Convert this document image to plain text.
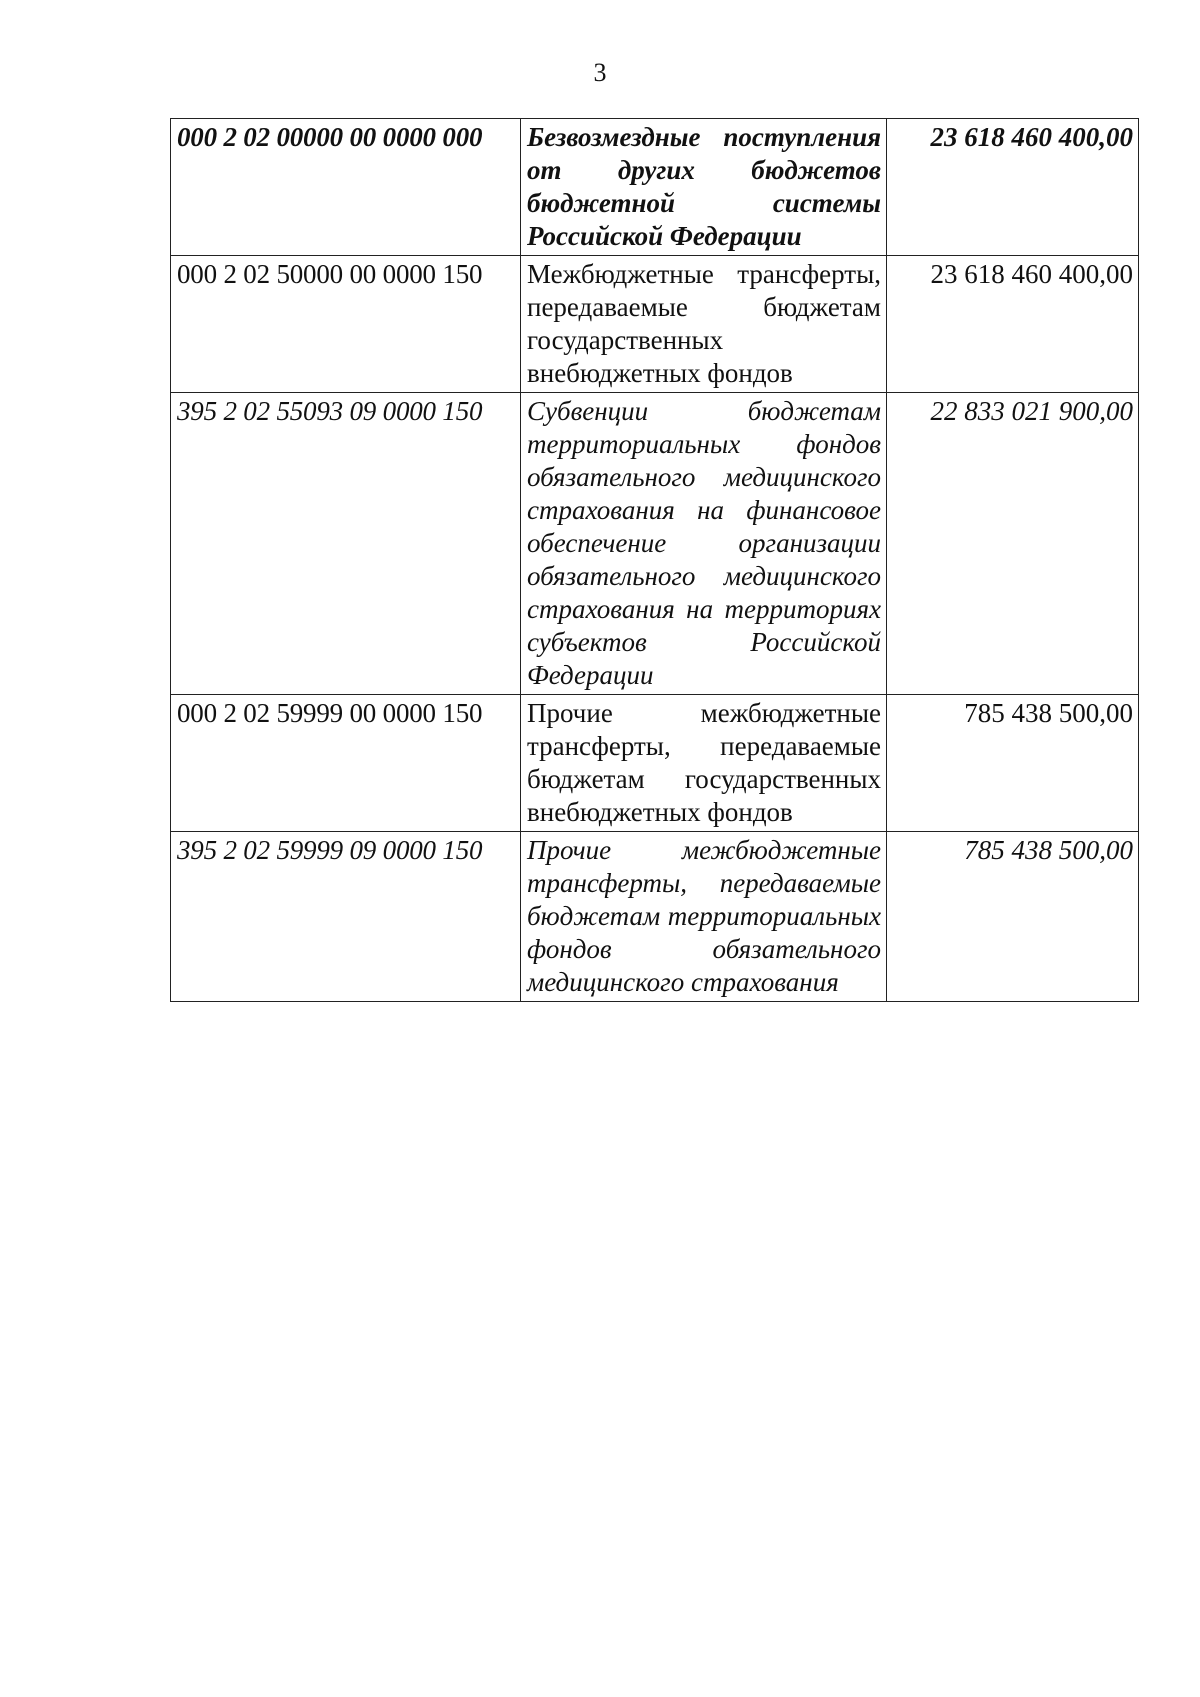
3
000 2 02 00000 00 0000 000	Безвозмездные поступления от других бюджетов бюджетной системы Российской Федерации	23 618 460 400,00
000 2 02 50000 00 0000 150	Межбюджетные трансферты, передаваемые бюджетам государственных внебюджетных фондов	23 618 460 400,00
395 2 02 55093 09 0000 150	Субвенции бюджетам территориальных фондов обязательного медицинского страхования на финансовое обеспечение организации обязательного медицинского страхования на территориях субъектов Российской Федерации	22 833 021 900,00
000 2 02 59999 00 0000 150	Прочие межбюджетные трансферты, передаваемые бюджетам государственных внебюджетных фондов	785 438 500,00
395 2 02 59999 09 0000 150	Прочие межбюджетные трансферты, передаваемые бюджетам территориальных фондов обязательного медицинского страхования	785 438 500,00
